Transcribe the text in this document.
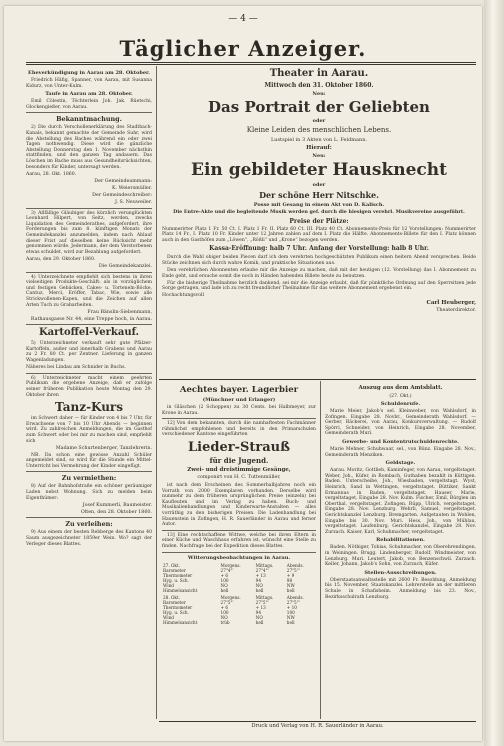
— 4 —
Täglicher Anzeiger.

Eheverkündigung in Aarau am 28. Oktober.

Friedrich Häfig, Spanner, von Aarau, mit Susanna Kidurz, von Unter-Kulm.

Taufe in Aarau am 28. Oktober.

Emil Cölestin, Töchterlein Joh. Jak. Rüetschi, Glockengießer, von Aarau.

Bekanntmachung.

2) Die durch Verschollenerklärung des Stadtbach-Kanals, bekannt gemachte der Gemeinde Suhr, wird die Abstellung des Baches während ein oder zwei Tagen nothwendig. Diese wird die gänzliche Abstellung Donnerstag den 1. November nächsthin stattfinden, und den ganzen Tag andauern. Das Löschen im Bache muss aus Gesundheitsrücksichten, besonders für Kinder, untersagt werden.

Aarau, 28. Okt. 1860.

Der Gemeindeammann:

K. Weiersmüller.

Der Gemeindeschreiber:

J. S. Neuweiler.

3) Allfällige Gläubiger des kürzlich verunglückten Leonhard Hilpert, von Seitz, werden, zwecks Liquidation des Gemeinderathes, aufgefordert, ihre Forderungen bis zum 8. künftigen Monats der Gemeindekanzlei anzumelden, indem nach Ablauf dieser Frist auf dieselben keine Rücksicht mehr genommen würde. Jedermann, der dem Verstorbenen etwas schuldet, wird zur Bezahlung aufgefordert.

Aarau, den 29. Oktober 1860.

Die Gemeindekanzlei.

4) Unterzeichnete empfiehlt sich bestens in ihren vielseitigen Produkte-Geschäft: als in vorzüglichem und festigen Gebäcken, Cakes- u. Torteneln-Böcke, Cantuz, Merci, Eröffer, Tabac, Wie, sowie alle Strickwollenen-Kapen, und die Zeichen auf allen Arten Tuch zu Grabarbeiten.

Frau Bänslin-Siebenmann,

Rathausgasse Nr. 44, eine Treppe hoch, in Aarau.

Kartoffel-Verkauf.

5) Unterzeichneter verkauft sehr gute Pfälzer-Kartoffeln, außer und innerhalb Grabens und Aarau zu 2 Fr. 80 Ct. per Zentner. Lieferung in ganzen Wagenladungen.

Näheres bei Lindau am Schnider in Buchs.

6) Unterzeichneter macht einem geehrten Publikum die ergebene Anzeige, daß er zufolge seiner früheren Publikation heute Montag den 29. Oktober ihren

Tanz-Kurs

im Schwert daher — für Kinder von 4 bis 7 Uhr, für Erwachsene von 7 bis 10 Uhr Abends — beginnen wird. Zu zahlreichen Anmeldungen, die im Gasthof zum Schwert oder bei mir zu machen sind, empfiehlt sich

Madame Schurtenberger, Tanzlehrerin.

NB. Da schon eine gewisse Anzahl Schüler angemeldet sind, so wird für die Stunde ein Mittel-Unterricht bei Vermehrung der Kinder eingefügt.

Zu vermiethen:

8) Auf der Bahnhofstraße ein schöner geräumiger Laden nebst Wohnung. Sich zu melden beim Eigenthümer:

Josef Kummerli, Baumeister.

Olten, den 28. Oktober 1860.

Zu verleihen:

9) Aus einem der besten Rebberge des Kantons 40 Saum ausgezeichneter 1859er Wein. Wo? sagt der Verleger dieses Blattes.

Theater in Aarau.

Mittwoch den 31. Oktober 1860.

Neu:

Das Portrait der Geliebten

oder

Kleine Leiden des menschlichen Lebens.

Lustspiel in 3 Akten von L. Feldmann.

Hierauf:

Neu:

Ein gebildeter Hausknecht

oder

Der schöne Herr Nitschke.

Posse mit Gesang in einem Akt von D. Kalisch.

Die Entre-Akte und die begleitende Musik werden gef. durch die hiesigen verehrl. Musikvereine ausgeführt.

Preise der Plätze:

Nummerirter Platz 1 Fr. 50 Ct. I. Platz 1 Fr. II. Platz 60 Ct. III. Platz 40 Ct. Abonnements-Preis für 12 Vorstellungen: Nummerirter Platz 14 Fr., I. Platz 10 Fr. Kinder unter 12 Jahren zahlen auf dem I. Platz die Hälfte. Abonnements-Billete für den I. Platz können auch in den Gasthöfen zum „Löwen“, „Rößli“ und „Krone“ bezogen werden.

Kassa-Eröffnung: halb 7 Uhr. Anfang der Vorstellung: halb 8 Uhr.

Durch die Wahl obiger beiden Piecen darf ich dem verehrten hochgeschätzten Publikum einen heitern Abend versprechen. Beide Stücke zeichnen sich durch wahre Komik, und praktische Situationen aus.

Den verehrlichen Abonnenten erlaube mir die Anzeige zu machen, daß mit der heutigen (12. Vorstellung) das I. Abonnement zu Ende geht, und ersuche somit die noch in Händen habenden Billete heute zu benutzen.

Für die bisherige Theilnahme herzlich dankend, sei mir die Anzeige erlaubt, daß für pünktliche Ordnung auf den Sperrsitzen jede Sorge getragen, und lade ich zu recht freundlicher Theilnahme für das weitere Abonnement ergebenst ein.

Hochachtungsvoll

Carl Heuberger,

Theaterdirektor.

Aechtes bayer. Lagerbier

(Münchner und Erlanger)

in Gläschen (2 Schoppen) zu 30 Cents. bei Halbmeyer, zur Krone in Aarau.

12] Von dem bekannten, durch die namhaftesten Fachmänner rühmlichst empfohlenen und bereits in den Primarschulen verschiedener Kantone eingeführten

Lieder-Strauß

für die Jugend.

Zwei- und dreistimmige Gesänge,

componirt von H. C. Tuttenmüller,

ist nach dem Erscheinen des Sommerhalbjahres noch ein Vorrath von 2000 Exemplaren vorhanden. Derselbe wird nunmehr zu dem früheren ursprünglichen Preise (einzeln) bei Kaufleuten und im Verlag zu haben. Buch- und Musikalienhandlungen und Kinderwarte-Anstalten — alles vorräthig zu den bisherigen Preisen. Die Ladenhandlung bei Hauenstein in Zofingen, H. R. Sauerländer in Aarau und ferner Autor.

13] Eine rechtschaffene Wittwe, welche bei ihren Eltern in einer Küche und Waschhaus erfahren ist, wünscht eine Stelle zu finden. Nachfrage bei der Expedition dieses Blattes.

Witterungsbeobachtungen in Aarau.

27. Okt.	Morgens.	Mittags.	Abends.
Barometer	27"4"'	27"4"'	27"5"'
Thermometer	+ 6	+ 13	+ 9
Hyg. u. Sch.	100	94	98
Wind	NO	NO	NW
Himmelsansicht	hell	hell	hell
28. Okt.	Morgens.	Mittags.	Abends.
Barometer	27"5"'	27"5"'	27"5"'
Thermometer	+ 6	+ 13	+ 10
Hyg. u. Sch.	100	94	100
Wind	NO	NO	NW
Himmelsansicht	trüb	hell	hell

Auszug aus dem Amtsblatt.

(27. Okt.)

Schuldenrufe.

Marie Meier, Jakob's sel. Kleinweber, von Wahlsdorf, in Zofingen. Eingabe 28. Novbr., Gemeinderath Wahlsdorf. — Gerber, Bäckerei, von Aarau, Konkursverwaltung. — Rudolf Spörri, Schneider, von Heinrich, Eingabe 28. November, Gemeinderath Muri.

Gewerbe- und Kontentrutschuldenrechte.

Marie Mehner, Schuhwaar, sel., von Bünz. Eingabe 28. Nov., Gemeinderath Menziken.

Geldstage.

Aarau. Moritz, Gottlieb, Kaminfeger, von Aarau, vergeltstaget. Weber, Joh., Küfer, in Rombach, Guthaben bezahlt in Küttigen. Baden. Unterscheibe, Joh., Wiesbaden, vergeltstagt. Wyst, Heinrich, Sand in Wettingen, vergeltstaget. Büttiker, Sankt Ermannus in Baden, vergeltstaget. Hauser, Marie, vergeltstaget, Eingabe 28. Nov. Kulm. Fischer, Emil, Bürglen im Oberthal, vergeltstaget. Zofingen. Rüpp, Ulrich, vergeltstaget, Eingabe 28. Nov. Lenzburg. Wehrli, Samuel, vergeltstaget, Gerichtskanzlei Lenzburg. Bremgarten. Aufgetauten in Wohlen, Eingabe bis 30. Nov. Muri. Hess, Joh., von Mühlau, vergeltstaget. Laufenburg. Gerichtskanzlei, Eingabe 28. Nov. Zurzach. Kaiser, Karl, Schuhmacher, vergeltstaget.

Rehabilitationen.

Baden. Nöthiger, Tobias, Schuhmacher, von Oberehrendingen, in Weiningen. Brugg. Lindenberger, Rudolf, Windmeister, von Lenzburg. Muri. Leutert, Jakob, von Benzenschwil. Zurzach. Keller, Johann, Jakob's Sohn, von Zurzach, Küfer.

Stellen-Ausschreibungen.

Oberstaatsanwaltsstelle mit 2600 Fr. Besoldung, Anmeldung bis 15. November, Staatskanzlei. Lehrerstelle an der mittleren Schule in Schafisheim. Anmeldung bis 23. Nov., Bezirksschulrath Lenzburg.

Druck und Verlag von H. R. Sauerländer in Aarau.
